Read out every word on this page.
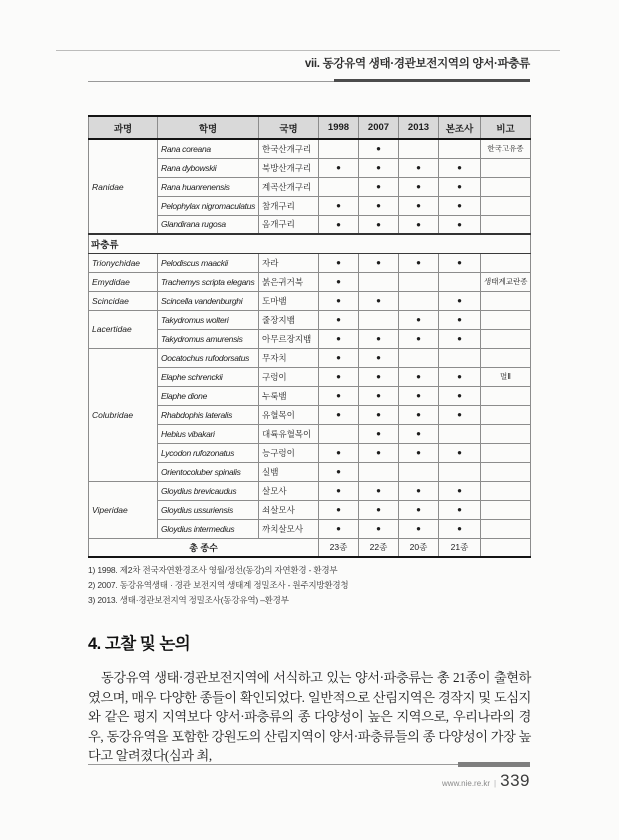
vii. 동강유역 생태·경관보전지역의 양서·파충류
과명	학명	국명	1998	2007	2013	본조사	비고
Ranidae	Rana coreana	한국산개구리		●			한국고유종
	Rana dybowskii	북방산개구리	●	●	●	●	
	Rana huanrenensis	계곡산개구리		●	●	●	
	Pelophylax nigromaculatus	참개구리	●	●	●	●	
	Glandirana rugosa	옴개구리	●	●	●	●	
파충류							
Trionychidae	Pelodiscus maackii	자라	●	●	●	●	
Emydidae	Trachemys scripta elegans	붉은귀거북	●				생태계교란종
Scincidae	Scincella vandenburghi	도마뱀	●	●		●	
Lacertidae	Takydromus wolteri	줄장지뱀	●		●	●	
	Takydromus amurensis	아무르장지뱀	●	●	●	●	
Colubridae	Oocatochus rufodorsatus	무자치	●	●			
	Elaphe schrenckii	구렁이	●	●	●	●	멸Ⅱ
	Elaphe dione	누룩뱀	●	●	●	●	
	Rhabdophis lateralis	유혈목이	●	●	●	●	
	Hebius vibakari	대륙유혈목이		●	●		
	Lycodon rufozonatus	능구렁이	●	●	●	●	
	Orientocoluber spinalis	실뱀	●				
Viperidae	Gloydius brevicaudus	살모사	●	●	●	●	
	Gloydius ussuriensis	쇠살모사	●	●	●	●	
	Gloydius intermedius	까치살모사	●	●	●	●	
총 종수			23종	22종	20종	21종	
1) 1998. 제2차 전국자연환경조사 영월/정선(동강)의 자연환경 - 환경부
2) 2007. 동강유역생태 · 경관 보전지역 생태계 정밀조사 - 원주지방환경청
3) 2013. 생태·경관보전지역 정밀조사(동강유역) –환경부
4. 고찰 및 논의

동강유역 생태·경관보전지역에 서식하고 있는 양서·파충류는 총 21종이 출현하였으며, 매우 다양한 종들이 확인되었다. 일반적으로 산림지역은 경작지 및 도심지와 같은 평지 지역보다 양서·파충류의 종 다양성이 높은 지역으로, 우리나라의 경우, 동강유역을 포함한 강원도의 산림지역이 양서·파충류들의 종 다양성이 가장 높다고 알려졌다(심과 최,

www.nie.re.kr | 339
